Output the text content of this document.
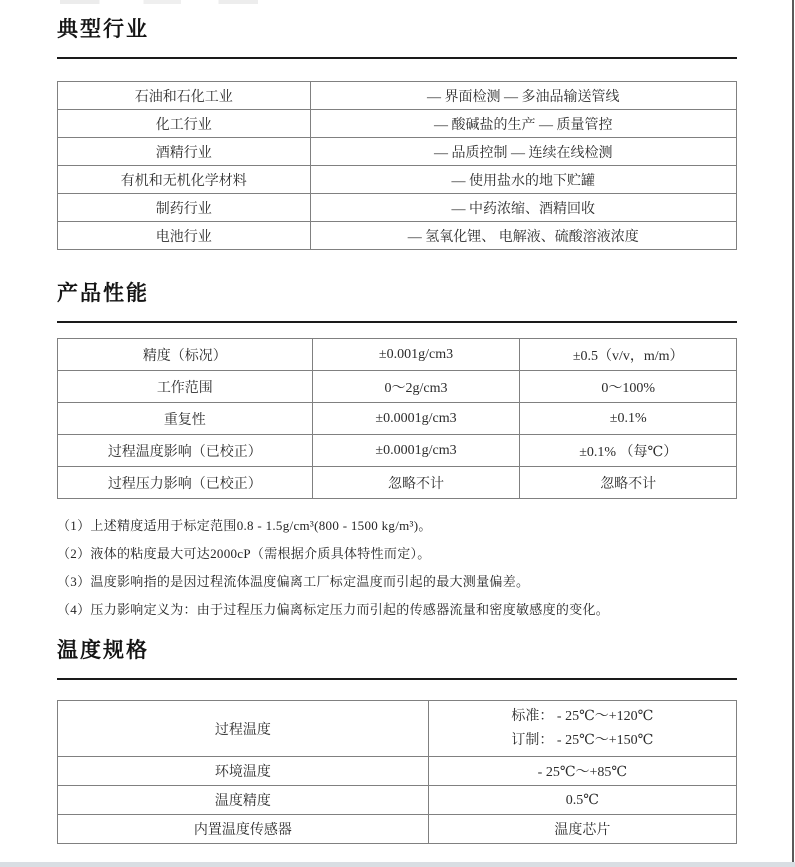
典型行业
石油和石化工业	— 界面检测 — 多油品输送管线
化工行业	— 酸碱盐的生产 — 质量管控
酒精行业	— 品质控制 — 连续在线检测
有机和无机化学材料	— 使用盐水的地下贮罐
制药行业	— 中药浓缩、酒精回收
电池行业	— 氢氧化锂、 电解液、硫酸溶液浓度
产品性能
精度（标况）	±0.001g/cm3	±0.5（v/v，m/m）
工作范围	0～2g/cm3	0～100%
重复性	±0.0001g/cm3	±0.1%
过程温度影响（已校正）	±0.0001g/cm3	±0.1% （每℃）
过程压力影响（已校正）	忽略不计	忽略不计
（1）上述精度适用于标定范围0.8 - 1.5g/cm³(800 - 1500 kg/m³)。
（2）液体的粘度最大可达2000cP（需根据介质具体特性而定）。
（3）温度影响指的是因过程流体温度偏离工厂标定温度而引起的最大测量偏差。
（4）压力影响定义为：由于过程压力偏离标定压力而引起的传感器流量和密度敏感度的变化。
温度规格
过程温度	标准： - 25℃～+120℃
订制： - 25℃～+150℃

环境温度	- 25℃～+85℃
温度精度	0.5℃
内置温度传感器	温度芯片
